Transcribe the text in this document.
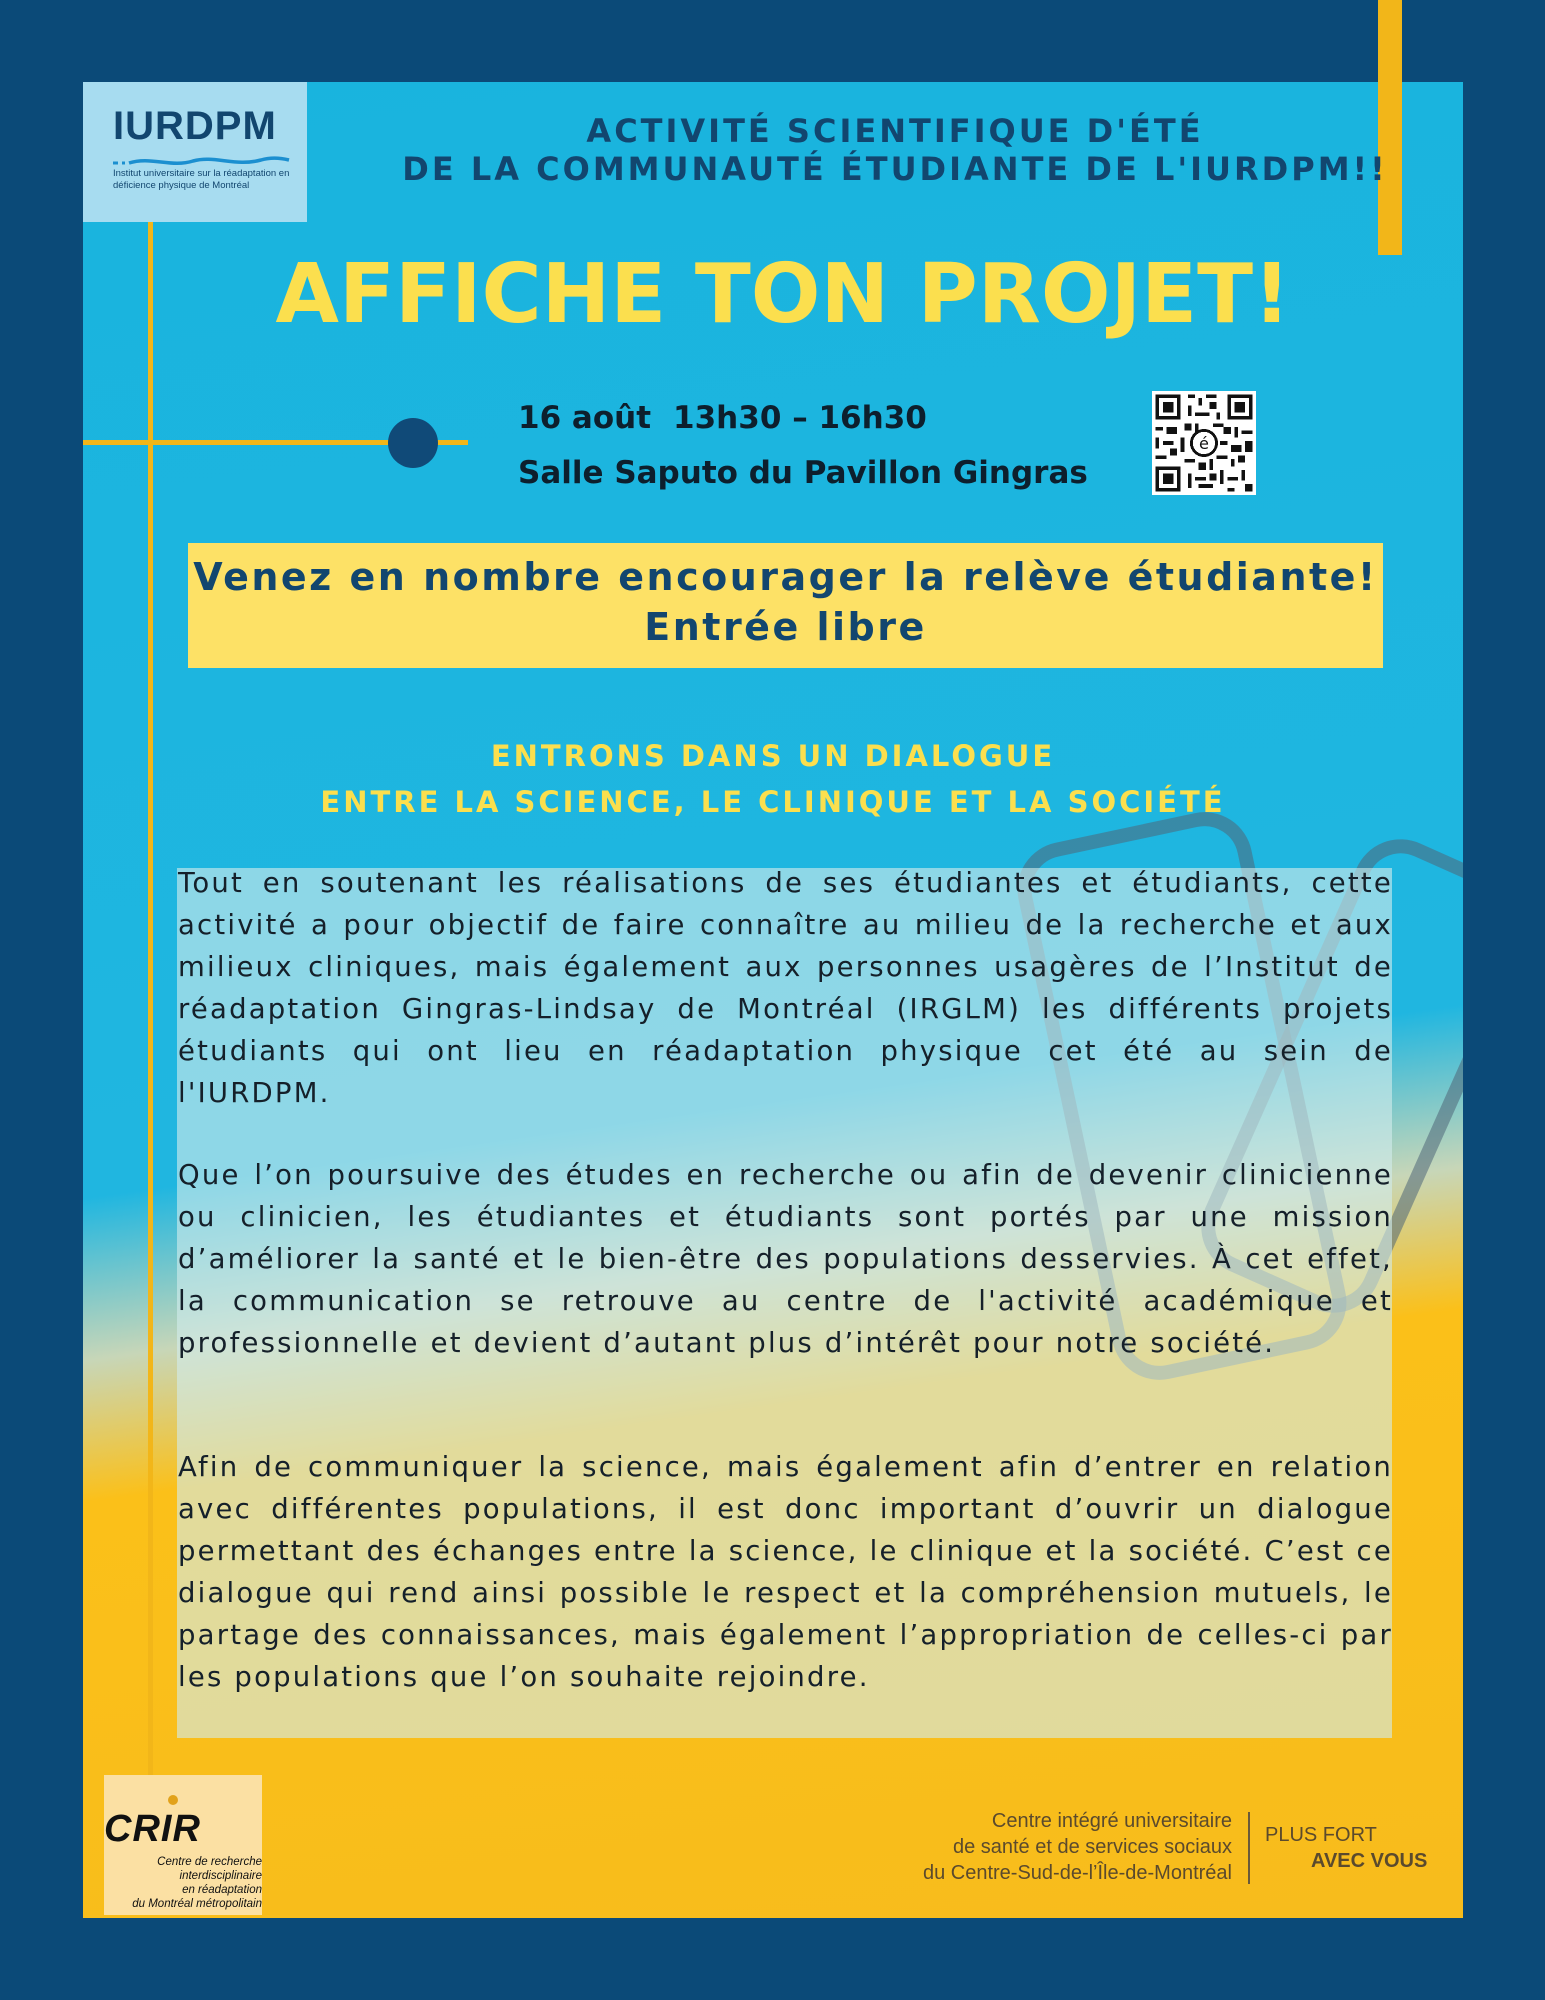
IURDPM
Institut universitaire sur la réadaptation en déficience physique de Montréal
ACTIVITÉ SCIENTIFIQUE D'ÉTÉ
DE LA COMMUNAUTÉ ÉTUDIANTE DE L'IURDPM!!
AFFICHE TON PROJET!
16 août 13h30 – 16h30
Salle Saputo du Pavillon Gingras
é
Venez en nombre encourager la relève étudiante!
Entrée libre
ENTRONS DANS UN DIALOGUE
ENTRE LA SCIENCE, LE CLINIQUE ET LA SOCIÉTÉ

Tout en soutenant les réalisations de ses étudiantes et étudiants, cette activité a pour objectif de faire connaître au milieu de la recherche et aux milieux cliniques, mais également aux personnes usagères de l’Institut de réadaptation Gingras-Lindsay de Montréal (IRGLM) les différents projets étudiants qui ont lieu en réadaptation physique cet été au sein de l'IURDPM.

Que l’on poursuive des études en recherche ou afin de devenir clinicienne ou clinicien, les étudiantes et étudiants sont portés par une mission d’améliorer la santé et le bien-être des populations desservies. À cet effet, la communication se retrouve au centre de l'activité académique et professionnelle et devient d’autant plus d’intérêt pour notre société.

Afin de communiquer la science, mais également afin d’entrer en relation avec différentes populations, il est donc important d’ouvrir un dialogue permettant des échanges entre la science, le clinique et la société. C’est ce dialogue qui rend ainsi possible le respect et la compréhension mutuels, le partage des connaissances, mais également l’appropriation de celles-ci par les populations que l’on souhaite rejoindre.

CRIR
Centre de recherche
interdisciplinaire
en réadaptation
du Montréal métropolitain
Centre intégré universitaire
de santé et de services sociaux
du Centre-Sud-de-l’Île-de-Montréal
PLUS FORT
AVEC VOUS
